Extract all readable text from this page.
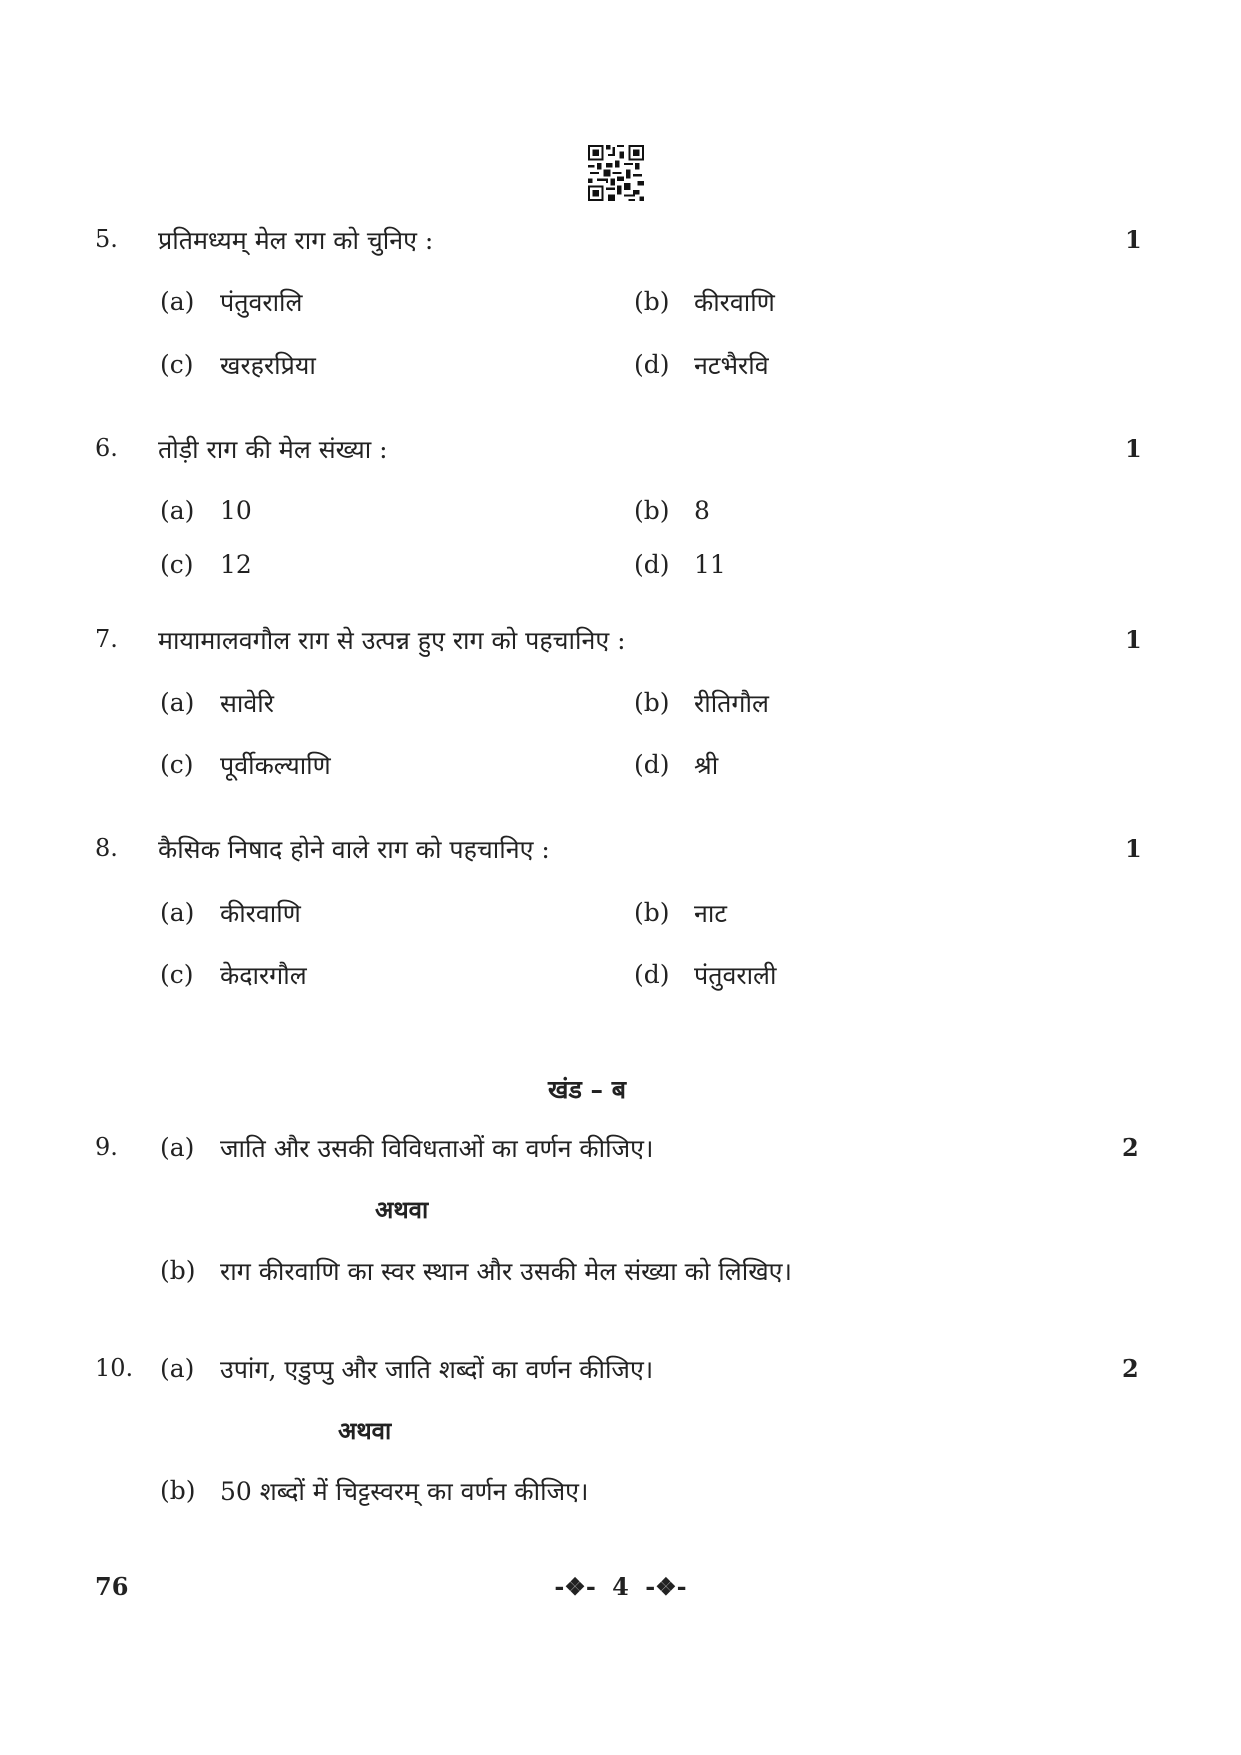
5. प्रतिमध्यम् मेल राग को चुनिए :	1
(a) पंतुवरालि	(b) कीरवाणि
(c) खरहरप्रिया	(d) नटभैरवि
6. तोड़ी राग की मेल संख्या :	1
(a) 10	(b) 8
(c) 12	(d) 11
7. मायामालवगौल राग से उत्पन्न हुए राग को पहचानिए :	1
(a) सावेरि	(b) रीतिगौल
(c) पूर्वीकल्याणि	(d) श्री
8. कैसिक निषाद होने वाले राग को पहचानिए :	1
(a) कीरवाणि	(b) नाट
(c) केदारगौल	(d) पंतुवराली
खंड – ब
9. (a) जाति और उसकी विविधताओं का वर्णन कीजिए।	2
अथवा
(b) राग कीरवाणि का स्वर स्थान और उसकी मेल संख्या को लिखिए।
10. (a) उपांग, एडुप्पु और जाति शब्दों का वर्णन कीजिए।	2
अथवा
(b) 50 शब्दों में चिट्टस्वरम् का वर्णन कीजिए।
76	-❖- 4 -❖-
